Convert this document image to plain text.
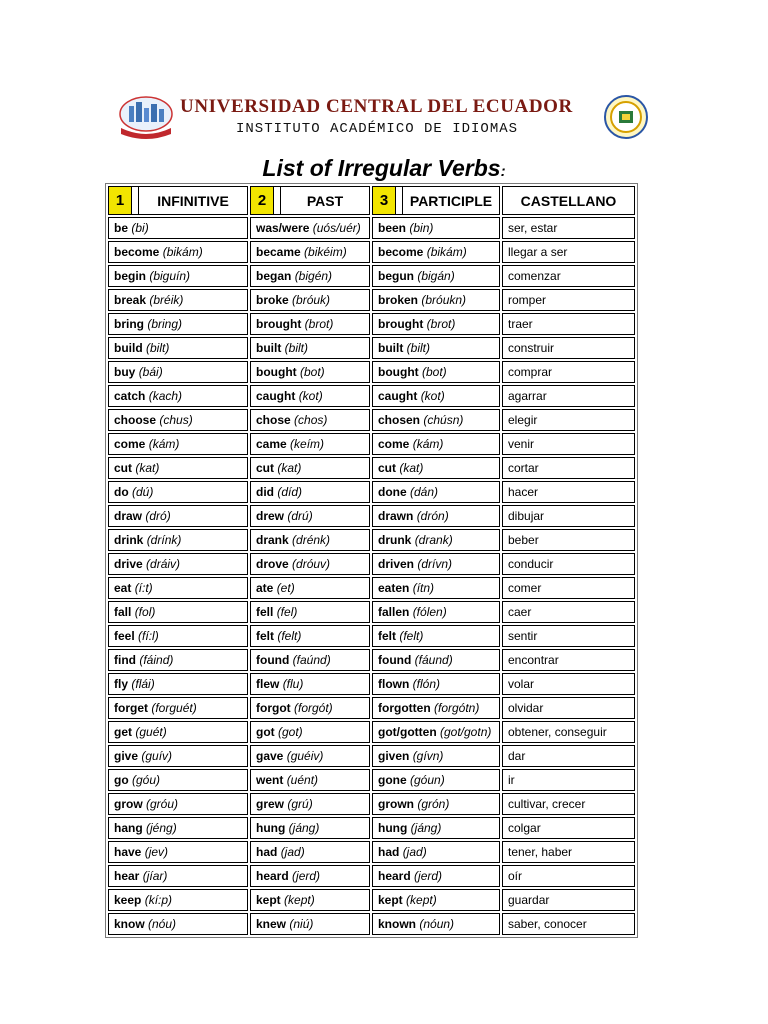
UNIVERSIDAD CENTRAL DEL ECUADOR
INSTITUTO ACADÉMICO DE IDIOMAS
List of Irregular Verbs:
1 INFINITIVE	2 PAST	3 PARTICIPLE	CASTELLANO

be (bi)	was/were (uós/uér)	been (bin)	ser, estar
become (bikám)	became (bikéim)	become (bikám)	llegar a ser
begin (biguín)	began (bigén)	begun (bigán)	comenzar
break (bréik)	broke (bróuk)	broken (bróukn)	romper
bring (bring)	brought (brot)	brought (brot)	traer
build (bilt)	built (bilt)	built (bilt)	construir
buy (bái)	bought (bot)	bought (bot)	comprar
catch (kach)	caught (kot)	caught (kot)	agarrar
choose (chus)	chose (chos)	chosen (chúsn)	elegir
come (kám)	came (keím)	come (kám)	venir
cut (kat)	cut (kat)	cut (kat)	cortar
do (dú)	did (díd)	done (dán)	hacer
draw (dró)	drew (drú)	drawn (drón)	dibujar
drink (drínk)	drank (drénk)	drunk (drank)	beber
drive (dráiv)	drove (dróuv)	driven (drívn)	conducir
eat (í:t)	ate (et)	eaten (ítn)	comer
fall (fol)	fell (fel)	fallen (fólen)	caer
feel (fí:l)	felt (felt)	felt (felt)	sentir
find (fáind)	found (faúnd)	found (fáund)	encontrar
fly (flái)	flew (flu)	flown (flón)	volar
forget (forguét)	forgot (forgót)	forgotten (forgótn)	olvidar
get (guét)	got (got)	got/gotten (got/gotn)	obtener, conseguir
give (guív)	gave (guéiv)	given (gívn)	dar
go (góu)	went (uént)	gone (góun)	ir
grow (gróu)	grew (grú)	grown (grón)	cultivar, crecer
hang (jéng)	hung (jáng)	hung (jáng)	colgar
have (jev)	had (jad)	had (jad)	tener, haber
hear (jíar)	heard (jerd)	heard (jerd)	oír
keep (kí:p)	kept (kept)	kept (kept)	guardar
know (nóu)	knew (niú)	known (nóun)	saber, conocer
